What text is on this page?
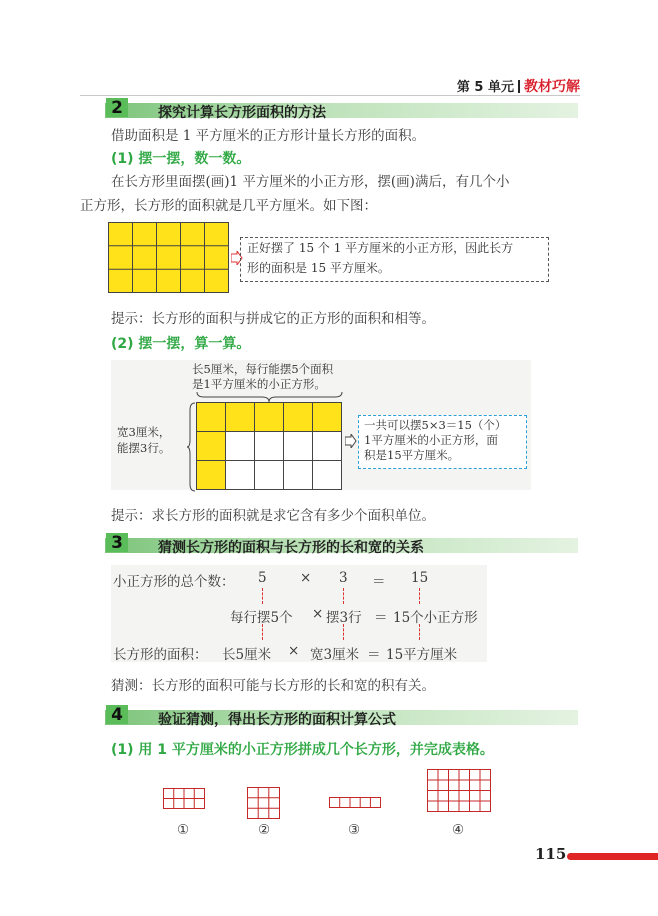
第 5 单元 教材巧解
2	探究计算长方形面积的方法
借助面积是 1 平方厘米的正方形计量长方形的面积。
(1) 摆一摆，数一数。
在长方形里面摆(画)1 平方厘米的小正方形，摆(画)满后，有几个小
正方形，长方形的面积就是几平方厘米。如下图：
正好摆了 15 个 1 平方厘米的小正方形，因此长方
形的面积是 15 平方厘米。
提示：长方形的面积与拼成它的正方形的面积和相等。
(2) 摆一摆，算一算。
长5厘米，每行能摆5个面积
是1平方厘米的小正方形。
宽3厘米，
能摆3行。
一共可以摆5×3＝15（个）
1平方厘米的小正方形，面
积是15平方厘米。
提示：求长方形的面积就是求它含有多少个面积单位。
3	猜测长方形的面积与长方形的长和宽的关系
小正方形的总个数： 5 × 3 ＝ 15
每行摆5个 × 摆3行 ＝ 15个小正方形
长方形的面积： 长5厘米 × 宽3厘米 ＝ 15平方厘米
猜测：长方形的面积可能与长方形的长和宽的积有关。
4	验证猜测，得出长方形的面积计算公式
(1) 用 1 平方厘米的小正方形拼成几个长方形，并完成表格。
①	②	③	④
115
